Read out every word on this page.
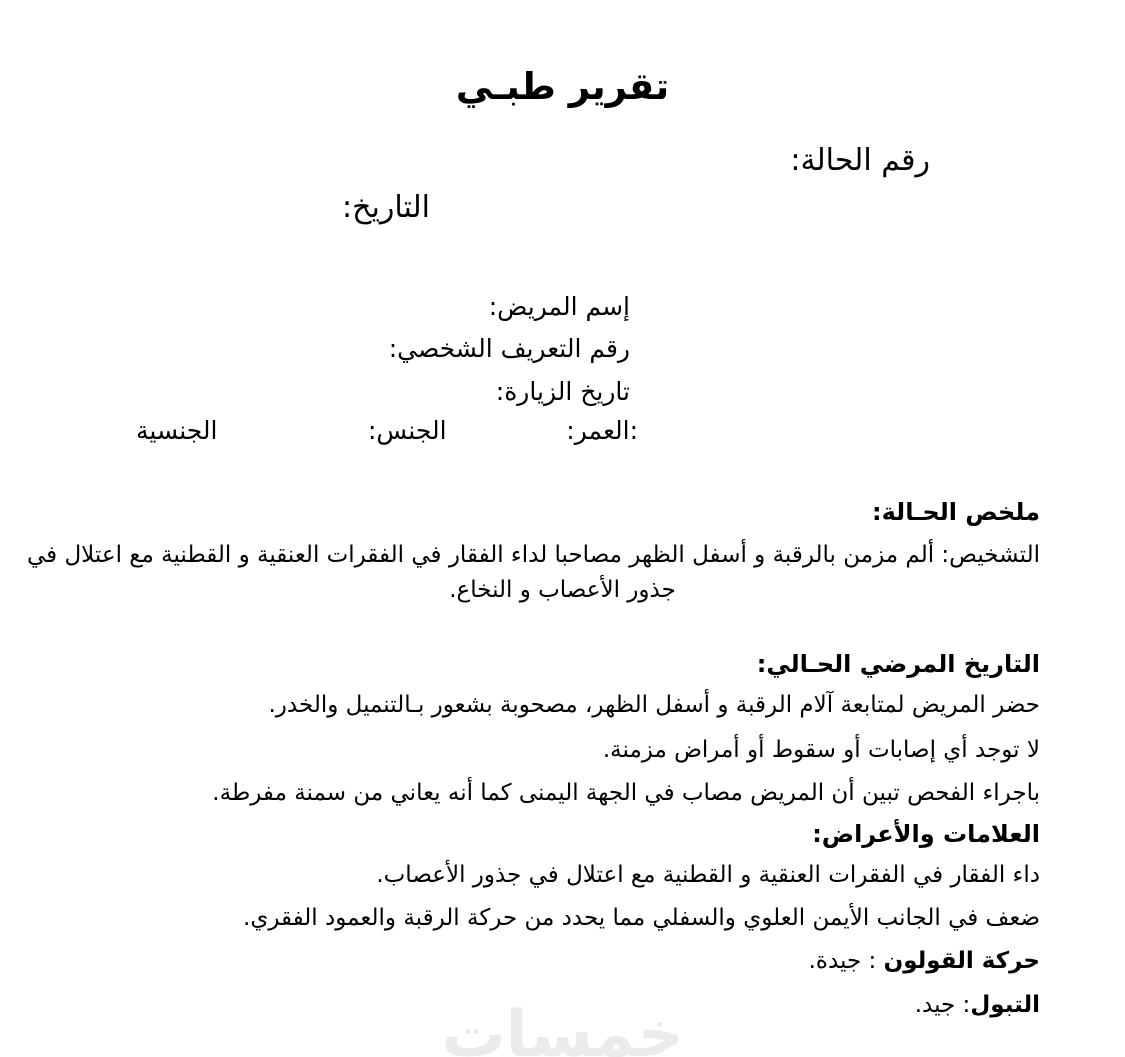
تقرير طبـي
رقم الحالة:
التاريخ:
إسم المريض:
رقم التعريف الشخصي:
تاريخ الزيارة:
:العمر:
الجنس:
الجنسية
ملخص الحـالة:
التشخيص: ألم مزمن بالرقبة و أسفل الظهر مصاحبا لداء الفقار في الفقرات العنقية و القطنية مع اعتلال في
جذور الأعصاب و النخاع.
التاريخ المرضي الحـالي:
حضر المريض لمتابعة آلام الرقبة و أسفل الظهر، مصحوبة بشعور بـالتنميل والخدر.
لا توجد أي إصابات أو سقوط أو أمراض مزمنة.
باجراء الفحص تبين أن المريض مصاب في الجهة اليمنى كما أنه يعاني من سمنة مفرطة.
العلامات والأعراض:
داء الفقار في الفقرات العنقية و القطنية مع اعتلال في جذور الأعصاب.
ضعف في الجانب الأيمن العلوي والسفلي مما يحدد من حركة الرقبة والعمود الفقري.
حركة القولون : جيدة.
التبول: جيد.
خمسات
